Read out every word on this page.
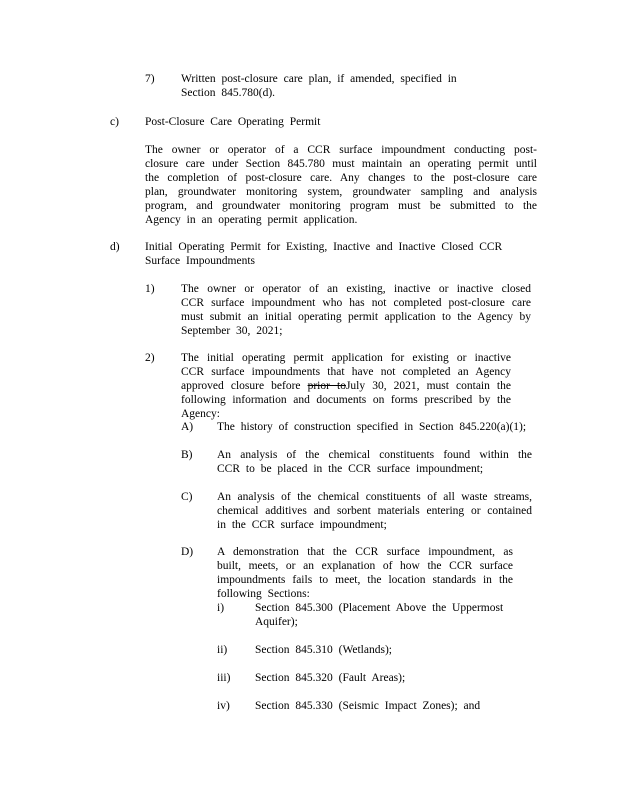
7) Written post-closure care plan, if amended, specified in Section 845.780(d).
c) Post-Closure Care Operating Permit
The owner or operator of a CCR surface impoundment conducting post-closure care under Section 845.780 must maintain an operating permit until the completion of post-closure care. Any changes to the post-closure care plan, groundwater monitoring system, groundwater sampling and analysis program, and groundwater monitoring program must be submitted to the Agency in an operating permit application.
d) Initial Operating Permit for Existing, Inactive and Inactive Closed CCR Surface Impoundments
1) The owner or operator of an existing, inactive or inactive closed CCR surface impoundment who has not completed post-closure care must submit an initial operating permit application to the Agency by September 30, 2021;
2) The initial operating permit application for existing or inactive CCR surface impoundments that have not completed an Agency approved closure before prior toJuly 30, 2021, must contain the following information and documents on forms prescribed by the Agency:
A) The history of construction specified in Section 845.220(a)(1);
B) An analysis of the chemical constituents found within the CCR to be placed in the CCR surface impoundment;
C) An analysis of the chemical constituents of all waste streams, chemical additives and sorbent materials entering or contained in the CCR surface impoundment;
D) A demonstration that the CCR surface impoundment, as built, meets, or an explanation of how the CCR surface impoundments fails to meet, the location standards in the following Sections:
i)	Section 845.300 (Placement Above the Uppermost Aquifer);
ii) Section 845.310 (Wetlands);
iii) Section 845.320 (Fault Areas);
iv) Section 845.330 (Seismic Impact Zones); and
